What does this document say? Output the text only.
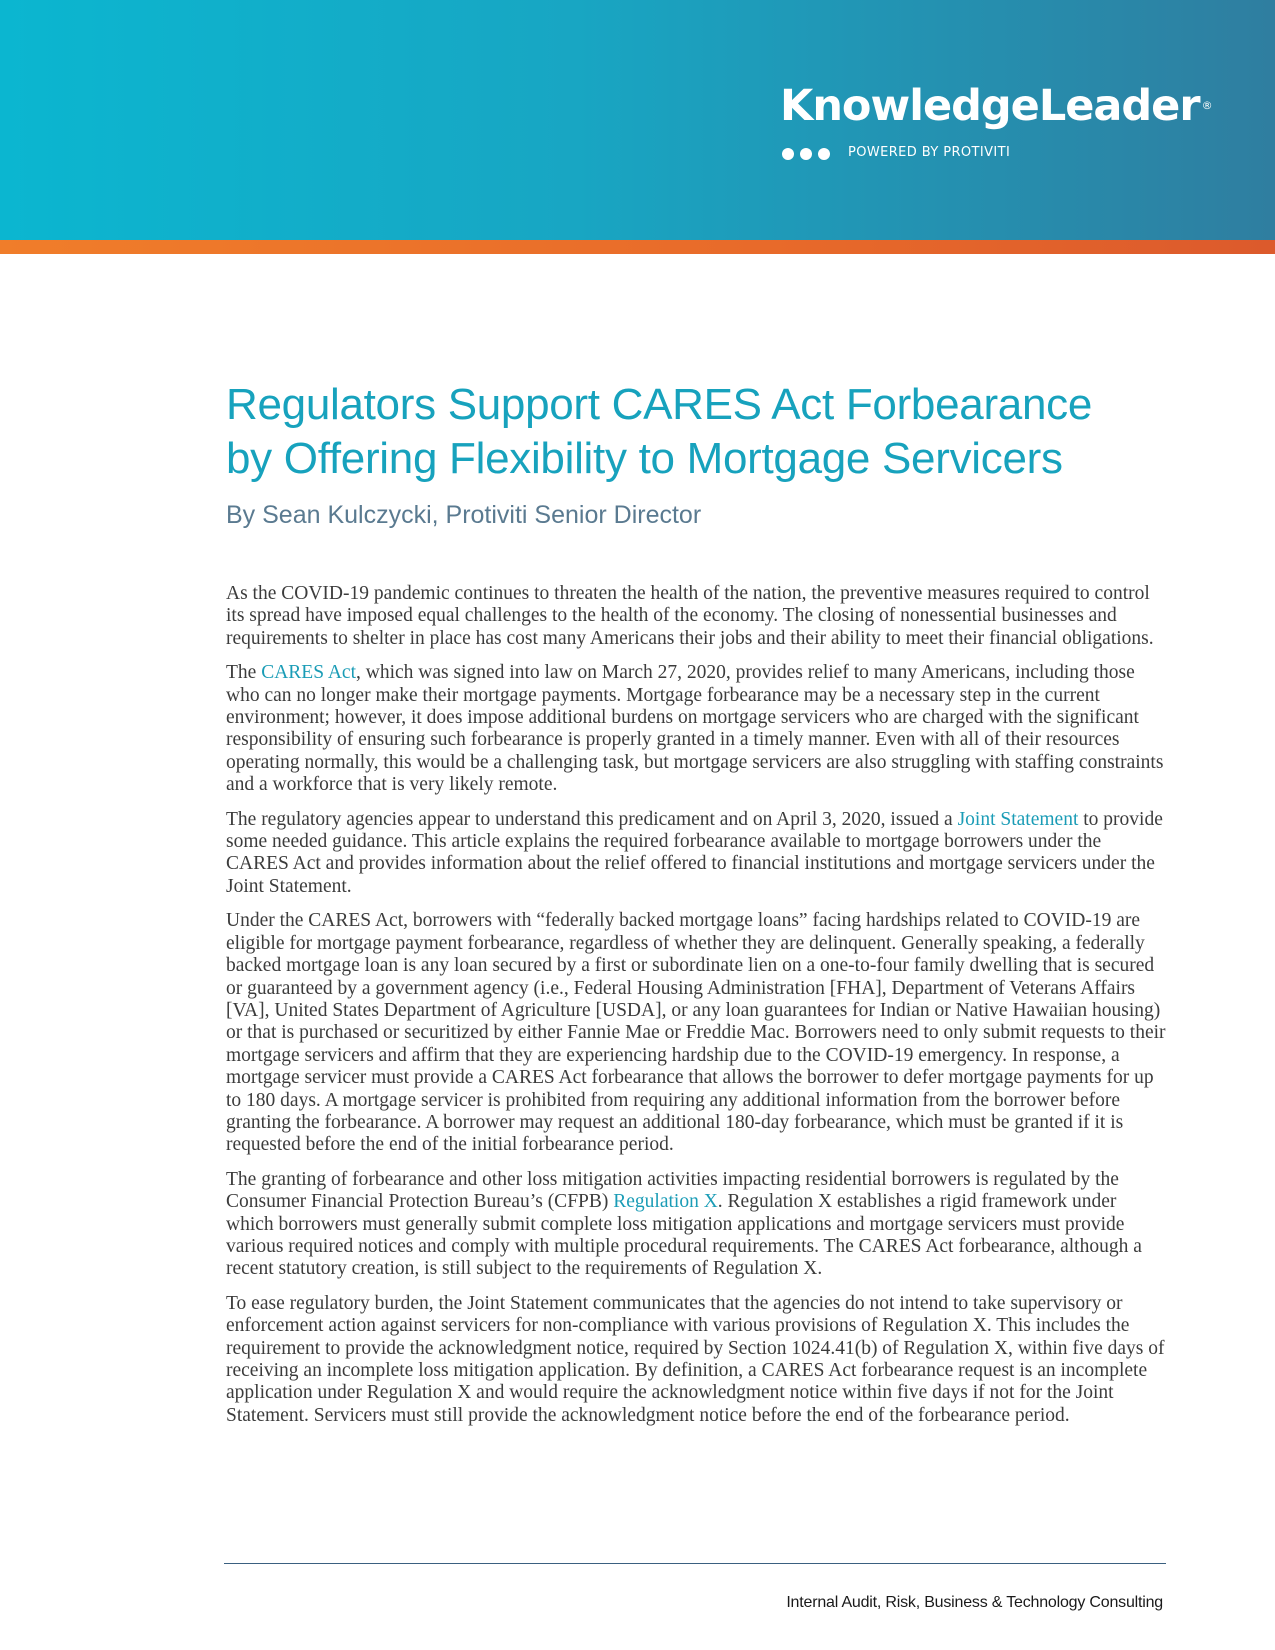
KnowledgeLeader ®
POWERED BY PROTIVITI
Regulators Support CARES Act Forbearance
by Offering Flexibility to Mortgage Servicers
By Sean Kulczycki, Protiviti Senior Director

As the COVID-19 pandemic continues to threaten the health of the nation, the preventive measures required to control its spread have imposed equal challenges to the health of the economy. The closing of nonessential businesses and requirements to shelter in place has cost many Americans their jobs and their ability to meet their financial obligations.

The CARES Act, which was signed into law on March 27, 2020, provides relief to many Americans, including those who can no longer make their mortgage payments. Mortgage forbearance may be a necessary step in the current environment; however, it does impose additional burdens on mortgage servicers who are charged with the significant responsibility of ensuring such forbearance is properly granted in a timely manner. Even with all of their resources operating normally, this would be a challenging task, but mortgage servicers are also struggling with staffing constraints and a workforce that is very likely remote.

The regulatory agencies appear to understand this predicament and on April 3, 2020, issued a Joint Statement to provide some needed guidance. This article explains the required forbearance available to mortgage borrowers under the CARES Act and provides information about the relief offered to financial institutions and mortgage servicers under the Joint Statement.

Under the CARES Act, borrowers with “federally backed mortgage loans” facing hardships related to COVID-19 are eligible for mortgage payment forbearance, regardless of whether they are delinquent. Generally speaking, a federally backed mortgage loan is any loan secured by a first or subordinate lien on a one-to-four family dwelling that is secured or guaranteed by a government agency (i.e., Federal Housing Administration [FHA], Department of Veterans Affairs [VA], United States Department of Agriculture [USDA], or any loan guarantees for Indian or Native Hawaiian housing) or that is purchased or securitized by either Fannie Mae or Freddie Mac. Borrowers need to only submit requests to their mortgage servicers and affirm that they are experiencing hardship due to the COVID-19 emergency. In response, a mortgage servicer must provide a CARES Act forbearance that allows the borrower to defer mortgage payments for up to 180 days. A mortgage servicer is prohibited from requiring any additional information from the borrower before granting the forbearance. A borrower may request an additional 180-day forbearance, which must be granted if it is requested before the end of the initial forbearance period.

The granting of forbearance and other loss mitigation activities impacting residential borrowers is regulated by the Consumer Financial Protection Bureau’s (CFPB) Regulation X. Regulation X establishes a rigid framework under which borrowers must generally submit complete loss mitigation applications and mortgage servicers must provide various required notices and comply with multiple procedural requirements. The CARES Act forbearance, although a recent statutory creation, is still subject to the requirements of Regulation X.

To ease regulatory burden, the Joint Statement communicates that the agencies do not intend to take supervisory or enforcement action against servicers for non-compliance with various provisions of Regulation X. This includes the requirement to provide the acknowledgment notice, required by Section 1024.41(b) of Regulation X, within five days of receiving an incomplete loss mitigation application. By definition, a CARES Act forbearance request is an incomplete application under Regulation X and would require the acknowledgment notice within five days if not for the Joint Statement. Servicers must still provide the acknowledgment notice before the end of the forbearance period.

Internal Audit, Risk, Business & Technology Consulting
